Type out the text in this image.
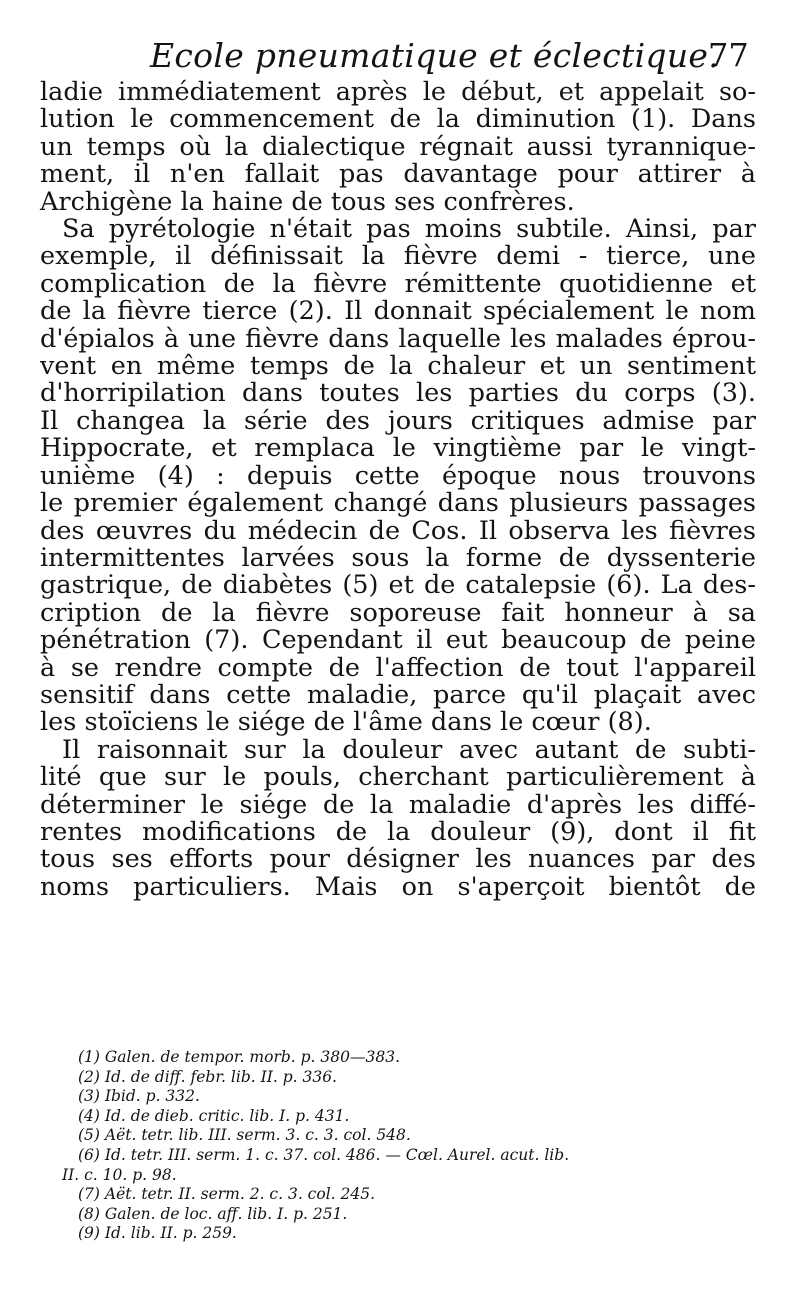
Ecole pneumatique et éclectique.
77
ladie immédiatement après le début, et appelait so-
lution le commencement de la diminution (1). Dans
un temps où la dialectique régnait aussi tyrannique-
ment, il n'en fallait pas davantage pour attirer à
Archigène la haine de tous ses confrères.
Sa pyrétologie n'était pas moins subtile. Ainsi, par
exemple, il définissait la fièvre demi - tierce, une
complication de la fièvre rémittente quotidienne et
de la fièvre tierce (2). Il donnait spécialement le nom
d'épialos à une fièvre dans laquelle les malades éprou-
vent en même temps de la chaleur et un sentiment
d'horripilation dans toutes les parties du corps (3).
Il changea la série des jours critiques admise par
Hippocrate, et remplaca le vingtième par le vingt-
unième (4) : depuis cette époque nous trouvons
le premier également changé dans plusieurs passages
des œuvres du médecin de Cos. Il observa les fièvres
intermittentes larvées sous la forme de dyssenterie
gastrique, de diabètes (5) et de catalepsie (6). La des-
cription de la fièvre soporeuse fait honneur à sa
pénétration (7). Cependant il eut beaucoup de peine
à se rendre compte de l'affection de tout l'appareil
sensitif dans cette maladie, parce qu'il plaçait avec
les stoïciens le siége de l'âme dans le cœur (8).
Il raisonnait sur la douleur avec autant de subti-
lité que sur le pouls, cherchant particulièrement à
déterminer le siége de la maladie d'après les diffé-
rentes modifications de la douleur (9), dont il fit
tous ses efforts pour désigner les nuances par des
noms particuliers. Mais on s'aperçoit bientôt de
(1) Galen. de tempor. morb. p. 380—383.
(2) Id. de diff. febr. lib. II. p. 336.
(3) Ibid. p. 332.
(4) Id. de dieb. critic. lib. I. p. 431.
(5) Aët. tetr. lib. III. serm. 3. c. 3. col. 548.
(6) Id. tetr. III. serm. 1. c. 37. col. 486. — Cœl. Aurel. acut. lib.
II. c. 10. p. 98.
(7) Aët. tetr. II. serm. 2. c. 3. col. 245.
(8) Galen. de loc. aff. lib. I. p. 251.
(9) Id. lib. II. p. 259.
